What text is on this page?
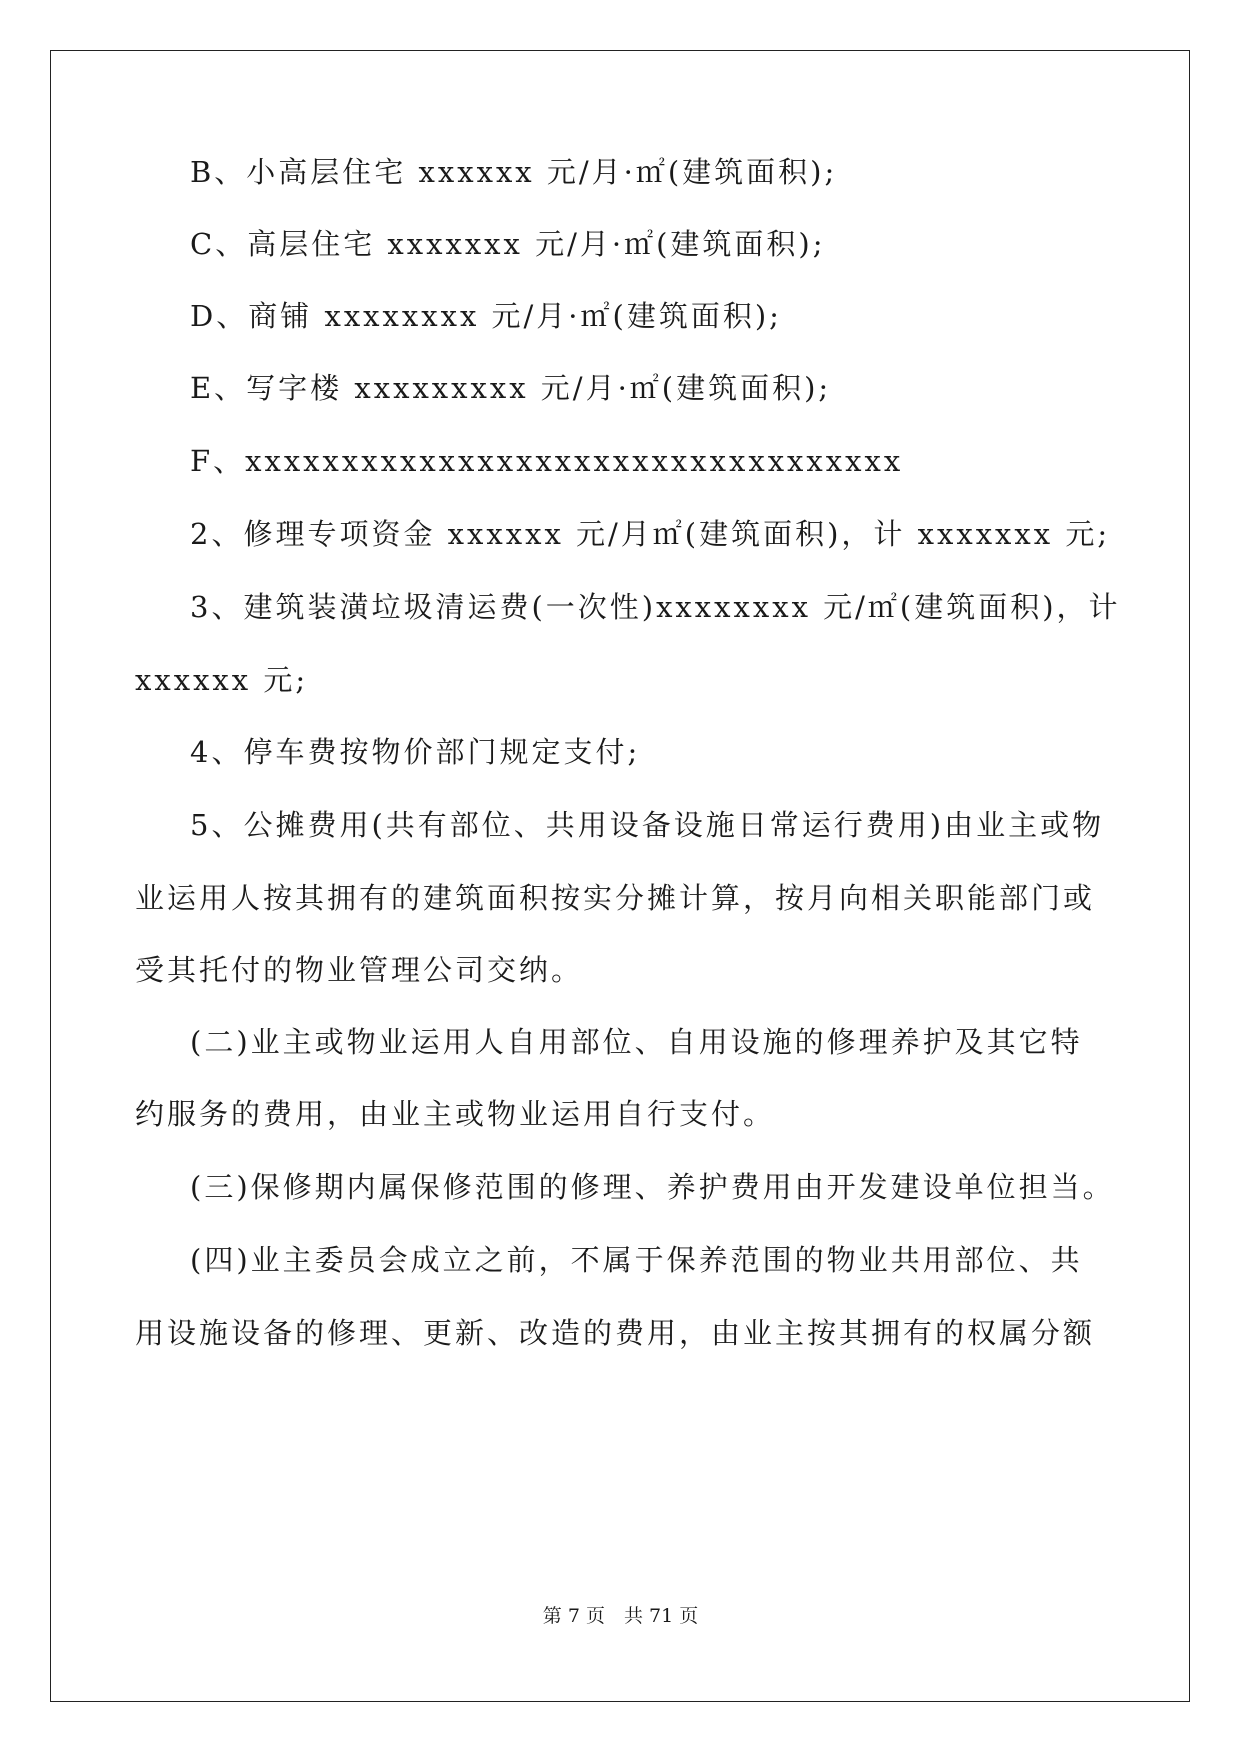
B、小高层住宅 xxxxxx 元/月·㎡(建筑面积);
C、高层住宅 xxxxxxx 元/月·㎡(建筑面积);
D、商铺 xxxxxxxx 元/月·㎡(建筑面积);
E、写字楼 xxxxxxxxx 元/月·㎡(建筑面积);
F、xxxxxxxxxxxxxxxxxxxxxxxxxxxxxxxxxx
2、修理专项资金 xxxxxx 元/月㎡(建筑面积)，计 xxxxxxx 元;
3、建筑装潢垃圾清运费(一次性)xxxxxxxx 元/㎡(建筑面积)，计
xxxxxx 元;
4、停车费按物价部门规定支付;
5、公摊费用(共有部位、共用设备设施日常运行费用)由业主或物
业运用人按其拥有的建筑面积按实分摊计算，按月向相关职能部门或
受其托付的物业管理公司交纳。
(二)业主或物业运用人自用部位、自用设施的修理养护及其它特
约服务的费用，由业主或物业运用自行支付。
(三)保修期内属保修范围的修理、养护费用由开发建设单位担当。
(四)业主委员会成立之前，不属于保养范围的物业共用部位、共
用设施设备的修理、更新、改造的费用，由业主按其拥有的权属分额
第 7 页　共 71 页
